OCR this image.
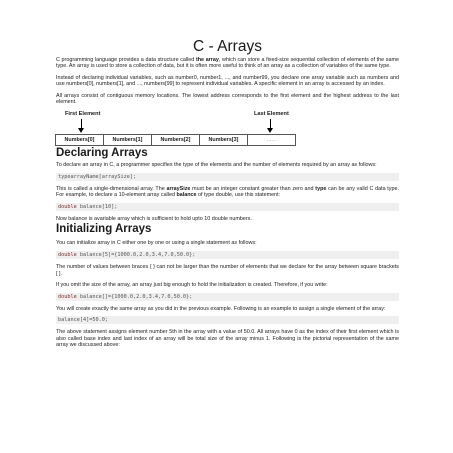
C - Arrays

C programming language provides a data structure called the array, which can store a fixed-size sequential collection of elements of the same type. An array is used to store a collection of data, but it is often more useful to think of an array as a collection of variables of the same type.

Instead of declaring individual variables, such as number0, number1, ..., and number99, you declare one array variable such as numbers and use numbers[0], numbers[1], and ..., numbers[99] to represent individual variables. A specific element in an array is accessed by an index.

All arrays consist of contiguous memory locations. The lowest address corresponds to the first element and the highest address to the last element.

First Element	Last Element
Numbers[0]	Numbers[1]	Numbers[2]	Numbers[3]	......
Declaring Arrays

To declare an array in C, a programmer specifies the type of the elements and the number of elements required by an array as follows:

typearrayName[arraySize];

This is called a single-dimensional array. The arraySize must be an integer constant greater than zero and type can be any valid C data type. For example, to declare a 10-element array called balance of type double, use this statement:

double balance[10];

Now balance is avariable array which is sufficient to hold upto 10 double numbers.

Initializing Arrays

You can initialize array in C either one by one or using a single statement as follows:

double balance[5]={1000.0,2.0,3.4,7.0,50.0};

The number of values between braces { } can not be larger than the number of elements that we declare for the array between square brackets [ ].

If you omit the size of the array, an array just big enough to hold the initialization is created. Therefore, if you write:

double balance[]={1000.0,2.0,3.4,7.0,50.0};

You will create exactly the same array as you did in the previous example. Following is an example to assign a single element of the array:

balance[4]=50.0;

The above statement assigns element number 5th in the array with a value of 50.0. All arrays have 0 as the index of their first element which is also called base index and last index of an array will be total size of the array minus 1. Following is the pictorial representation of the same array we discussed above:
